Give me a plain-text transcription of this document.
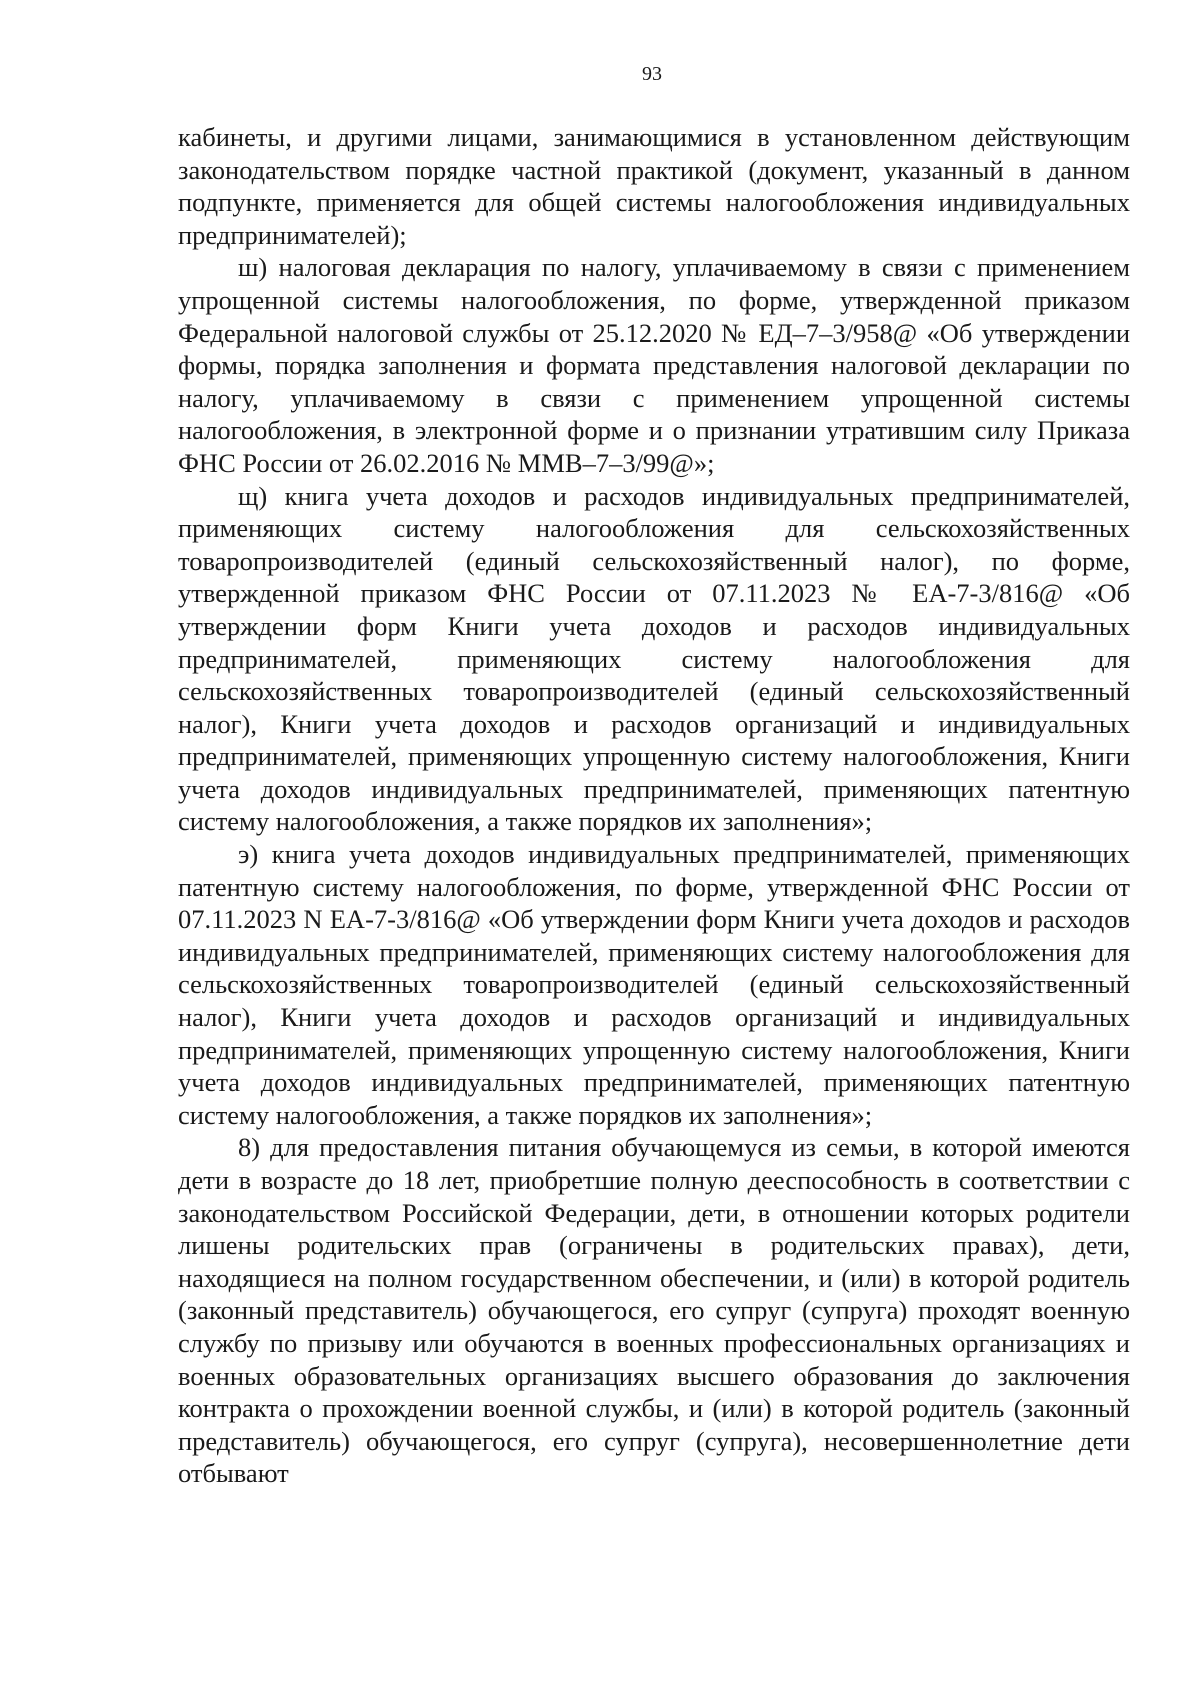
93

кабинеты, и другими лицами, занимающимися в установленном действующим законодательством порядке частной практикой (документ, указанный в данном подпункте, применяется для общей системы налогообложения индивидуальных предпринимателей);

ш) налоговая декларация по налогу, уплачиваемому в связи с применением упрощенной системы налогообложения, по форме, утвержденной приказом Федеральной налоговой службы от 25.12.2020 № ЕД–7–3/958@ «Об утверждении формы, порядка заполнения и формата представления налоговой декларации по налогу, уплачиваемому в связи с применением упрощенной системы налогообложения, в электронной форме и о признании утратившим силу Приказа ФНС России от 26.02.2016 № ММВ–7–3/99@»;

щ) книга учета доходов и расходов индивидуальных предпринимателей, применяющих систему налогообложения для сельскохозяйственных товаропроизводителей (единый сельскохозяйственный налог), по форме, утвержденной приказом ФНС России от 07.11.2023 № ЕА-7-3/816@ «Об утверждении форм Книги учета доходов и расходов индивидуальных предпринимателей, применяющих систему налогообложения для сельскохозяйственных товаропроизводителей (единый сельскохозяйственный налог), Книги учета доходов и расходов организаций и индивидуальных предпринимателей, применяющих упрощенную систему налогообложения, Книги учета доходов индивидуальных предпринимателей, применяющих патентную систему налогообложения, а также порядков их заполнения»;

э) книга учета доходов индивидуальных предпринимателей, применяющих патентную систему налогообложения, по форме, утвержденной ФНС России от 07.11.2023 N ЕА-7-3/816@ «Об утверждении форм Книги учета доходов и расходов индивидуальных предпринимателей, применяющих систему налогообложения для сельскохозяйственных товаропроизводителей (единый сельскохозяйственный налог), Книги учета доходов и расходов организаций и индивидуальных предпринимателей, применяющих упрощенную систему налогообложения, Книги учета доходов индивидуальных предпринимателей, применяющих патентную систему налогообложения, а также порядков их заполнения»;

8) для предоставления питания обучающемуся из семьи, в которой имеются дети в возрасте до 18 лет, приобретшие полную дееспособность в соответствии с законодательством Российской Федерации, дети, в отношении которых родители лишены родительских прав (ограничены в родительских правах), дети, находящиеся на полном государственном обеспечении, и (или) в которой родитель (законный представитель) обучающегося, его супруг (супруга) проходят военную службу по призыву или обучаются в военных профессиональных организациях и военных образовательных организациях высшего образования до заключения контракта о прохождении военной службы, и (или) в которой родитель (законный представитель) обучающегося, его супруг (супруга), несовершеннолетние дети отбывают
